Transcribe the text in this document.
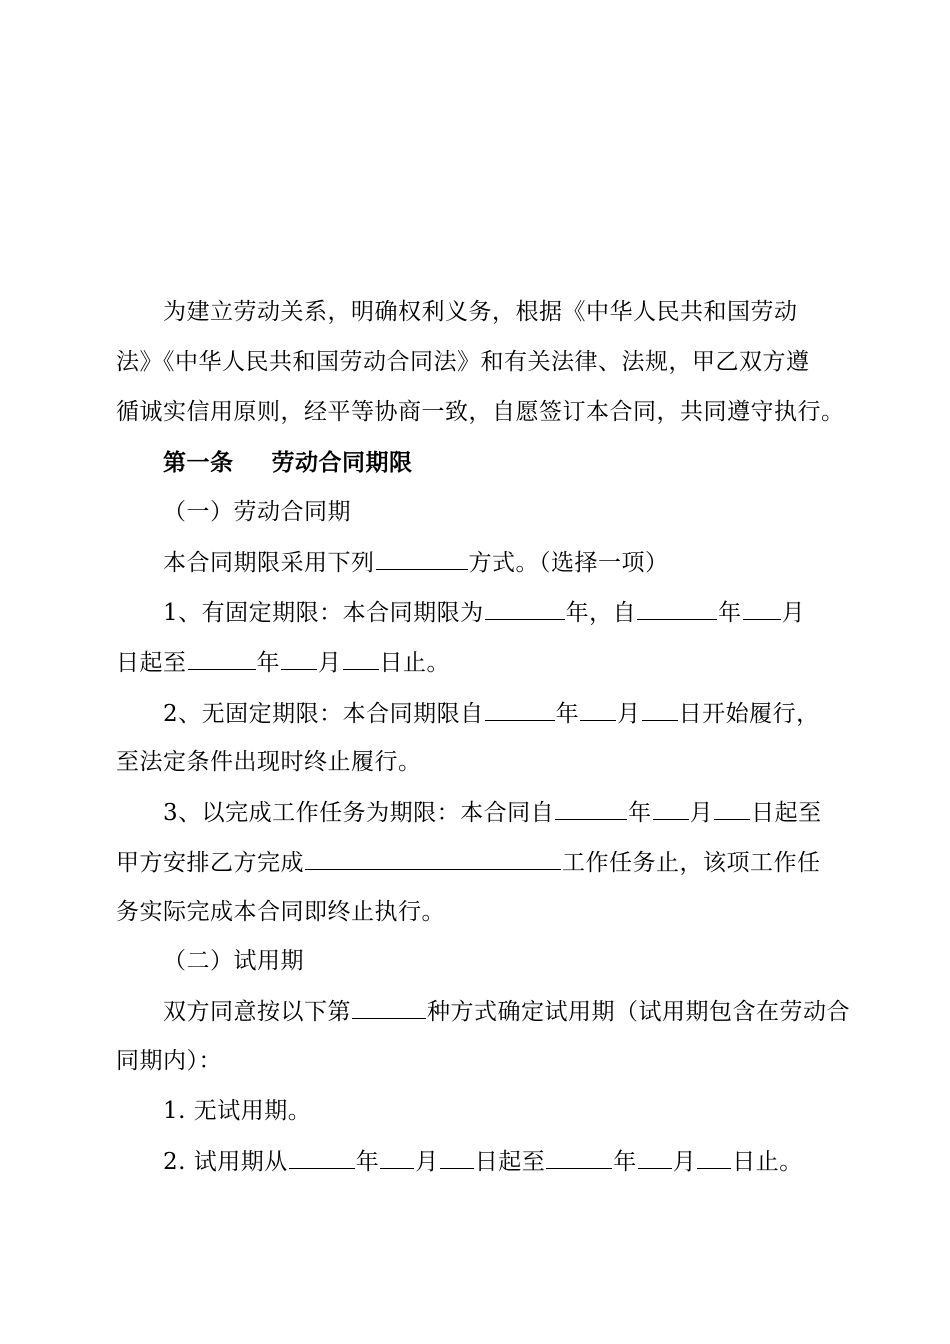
为建立劳动关系，明确权利义务，根据《中华人民共和国劳动
法》《中华人民共和国劳动合同法》和有关法律、法规，甲乙双方遵
循诚实信用原则，经平等协商一致，自愿签订本合同，共同遵守执行。
第一条 劳动合同期限
（一）劳动合同期
本合同期限采用下列	方式。（选择一项）
1、有固定期限：本合同期限为	年，自	年 月
日起至	年 月 日止。
2、无固定期限：本合同期限自	年 月 日开始履行，
至法定条件出现时终止履行。
3、以完成工作任务为期限：本合同自	年 月 日起至
甲方安排乙方完成	工作任务止，该项工作任
务实际完成本合同即终止执行。
（二）试用期
双方同意按以下第	种方式确定试用期（试用期包含在劳动合
同期内）：
1. 无试用期。
2. 试用期从	年 月 日起至	年 月 日止。
